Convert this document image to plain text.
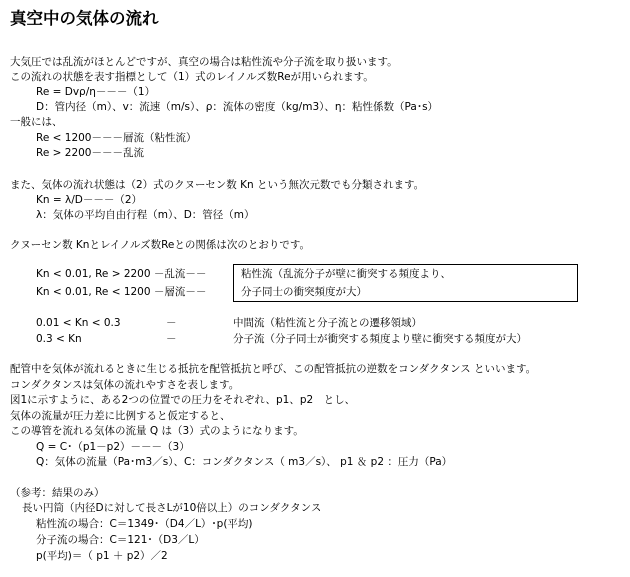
真空中の気体の流れ
大気圧では乱流がほとんどですが、真空の場合は粘性流や分子流を取り扱います。
この流れの状態を表す指標として（1）式のレイノルズ数Reが用いられます。
Re = Dvρ/η－－－（1）
D：管内径（m）、v：流速（m/s）、ρ：流体の密度（kg/m3）、η：粘性係数（Pa･s）
一般には、
Re < 1200－－－層流（粘性流）
Re > 2200－－－乱流
また、気体の流れ状態は（2）式のクヌーセン数 Kn という無次元数でも分類されます。
Kn = λ/D－－－（2）
λ：気体の平均自由行程（m）、D：管径（m）
クヌーセン数 Knとレイノルズ数Reとの関係は次のとおりです。
Kn < 0.01, Re > 2200 －乱流－－
Kn < 0.01, Re < 1200 －層流－－
粘性流（乱流分子が壁に衝突する頻度より、
分子同士の衝突頻度が大）
0.01 < Kn < 0.3	－	中間流（粘性流と分子流との遷移領域）
0.3 < Kn	－	分子流（分子同士が衝突する頻度より壁に衝突する頻度が大）
配管中を気体が流れるときに生じる抵抗を配管抵抗と呼び、この配管抵抗の逆数をコンダクタンス といいます。
コンダクタンスは気体の流れやすさを表します。
図1に示すように、ある2つの位置での圧力をそれぞれ、p1、p2　とし、
気体の流量が圧力差に比例すると仮定すると、
この導管を流れる気体の流量 Q は（3）式のようになります。
Q = C･（p1－p2）－－－（3）
Q：気体の流量（Pa･m3／s）、C：コンダクタンス（ m3／s）、 p1 ＆ p2 ：圧力（Pa）
（参考：結果のみ）
長い円筒（内径Dに対して長さLが10倍以上）のコンダクタンス
粘性流の場合：C＝1349･（D4／L）･p(平均)
分子流の場合：C＝121･（D3／L）
p(平均)＝（ p1 ＋ p2）／2
